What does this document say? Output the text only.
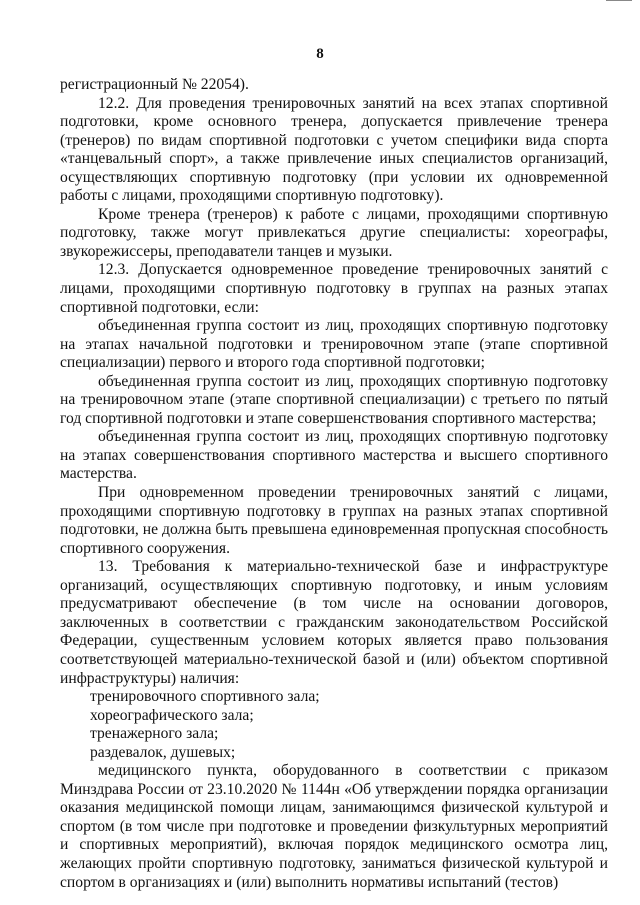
8

регистрационный № 22054).

12.2. Для проведения тренировочных занятий на всех этапах спортивной подготовки, кроме основного тренера, допускается привлечение тренера (тренеров) по видам спортивной подготовки с учетом специфики вида спорта «танцевальный спорт», а также привлечение иных специалистов организаций, осуществляющих спортивную подготовку (при условии их одновременной работы с лицами, проходящими спортивную подготовку).

Кроме тренера (тренеров) к работе с лицами, проходящими спортивную подготовку, также могут привлекаться другие специалисты: хореографы, звукорежиссеры, преподаватели танцев и музыки.

12.3. Допускается одновременное проведение тренировочных занятий с лицами, проходящими спортивную подготовку в группах на разных этапах спортивной подготовки, если:

объединенная группа состоит из лиц, проходящих спортивную подготовку на этапах начальной подготовки и тренировочном этапе (этапе спортивной специализации) первого и второго года спортивной подготовки;

объединенная группа состоит из лиц, проходящих спортивную подготовку на тренировочном этапе (этапе спортивной специализации) с третьего по пятый год спортивной подготовки и этапе совершенствования спортивного мастерства;

объединенная группа состоит из лиц, проходящих спортивную подготовку на этапах совершенствования спортивного мастерства и высшего спортивного мастерства.

При одновременном проведении тренировочных занятий с лицами, проходящими спортивную подготовку в группах на разных этапах спортивной подготовки, не должна быть превышена единовременная пропускная способность спортивного сооружения.

13. Требования к материально-технической базе и инфраструктуре организаций, осуществляющих спортивную подготовку, и иным условиям предусматривают обеспечение (в том числе на основании договоров, заключенных в соответствии с гражданским законодательством Российской Федерации, существенным условием которых является право пользования соответствующей материально-технической базой и (или) объектом спортивной инфраструктуры) наличия:

тренировочного спортивного зала;

хореографического зала;

тренажерного зала;

раздевалок, душевых;

медицинского пункта, оборудованного в соответствии с приказом Минздрава России от 23.10.2020 № 1144н «Об утверждении порядка организации оказания медицинской помощи лицам, занимающимся физической культурой и спортом (в том числе при подготовке и проведении физкультурных мероприятий и спортивных мероприятий), включая порядок медицинского осмотра лиц, желающих пройти спортивную подготовку, заниматься физической культурой и спортом в организациях и (или) выполнить нормативы испытаний (тестов)
